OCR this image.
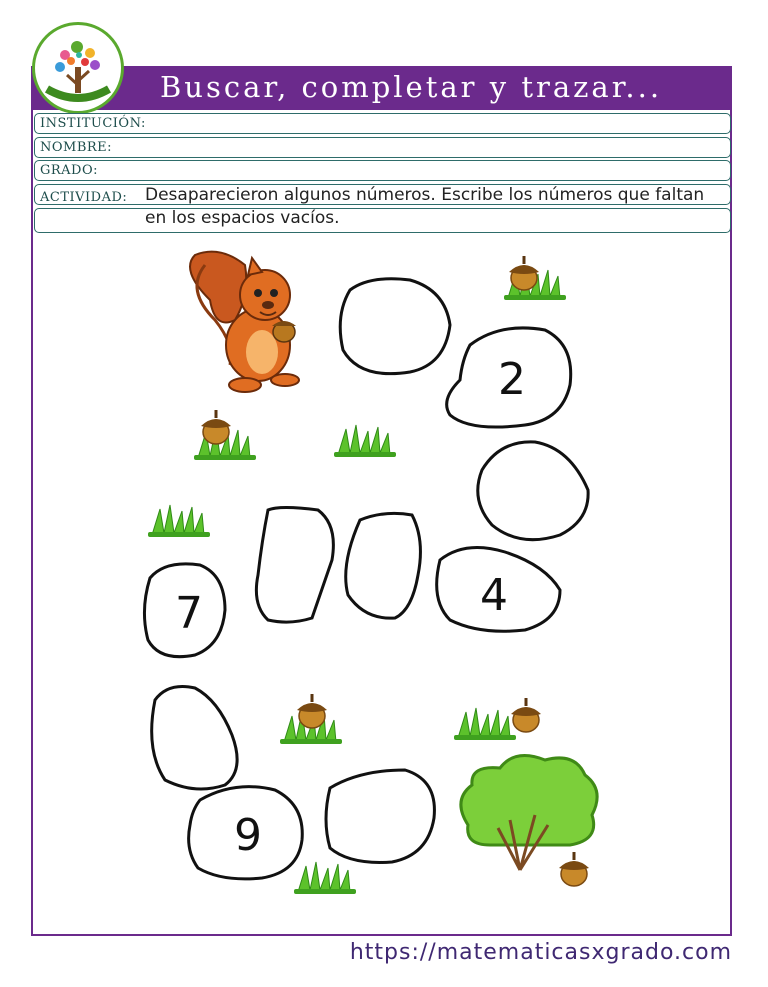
Buscar, completar y trazar...
INSTITUCIÓN:
NOMBRE:
GRADO:
ACTIVIDAD: Desaparecieron algunos números. Escribe los números que faltan
en los espacios vacíos.
2
7	4
9
https://matematicasxgrado.com
